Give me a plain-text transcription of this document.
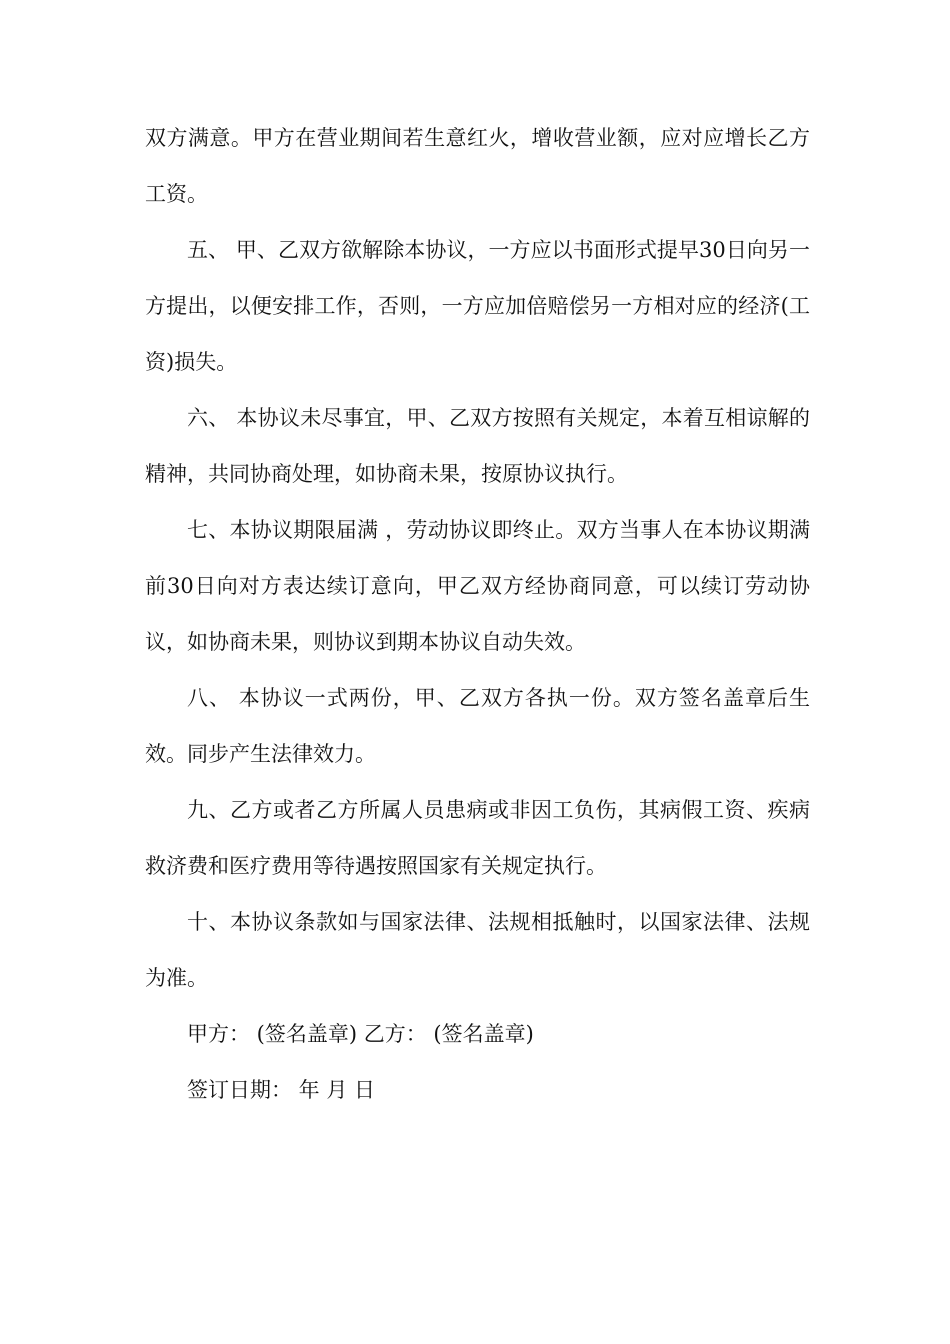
双方满意。甲方在营业期间若生意红火，增收营业额，应对应增长乙方工资。

五、 甲、乙双方欲解除本协议，一方应以书面形式提早30日向另一方提出，以便安排工作，否则，一方应加倍赔偿另一方相对应的经济(工资)损失。

六、 本协议未尽事宜，甲、乙双方按照有关规定，本着互相谅解的精神，共同协商处理，如协商未果，按原协议执行。

七、本协议期限届满 ，劳动协议即终止。双方当事人在本协议期满前30日向对方表达续订意向，甲乙双方经协商同意，可以续订劳动协议，如协商未果，则协议到期本协议自动失效。

八、 本协议一式两份，甲、乙双方各执一份。双方签名盖章后生效。同步产生法律效力。

九、乙方或者乙方所属人员患病或非因工负伤，其病假工资、疾病救济费和医疗费用等待遇按照国家有关规定执行。

十、本协议条款如与国家法律、法规相抵触时，以国家法律、法规为准。

甲方： (签名盖章) 乙方： (签名盖章)

签订日期： 年 月 日
